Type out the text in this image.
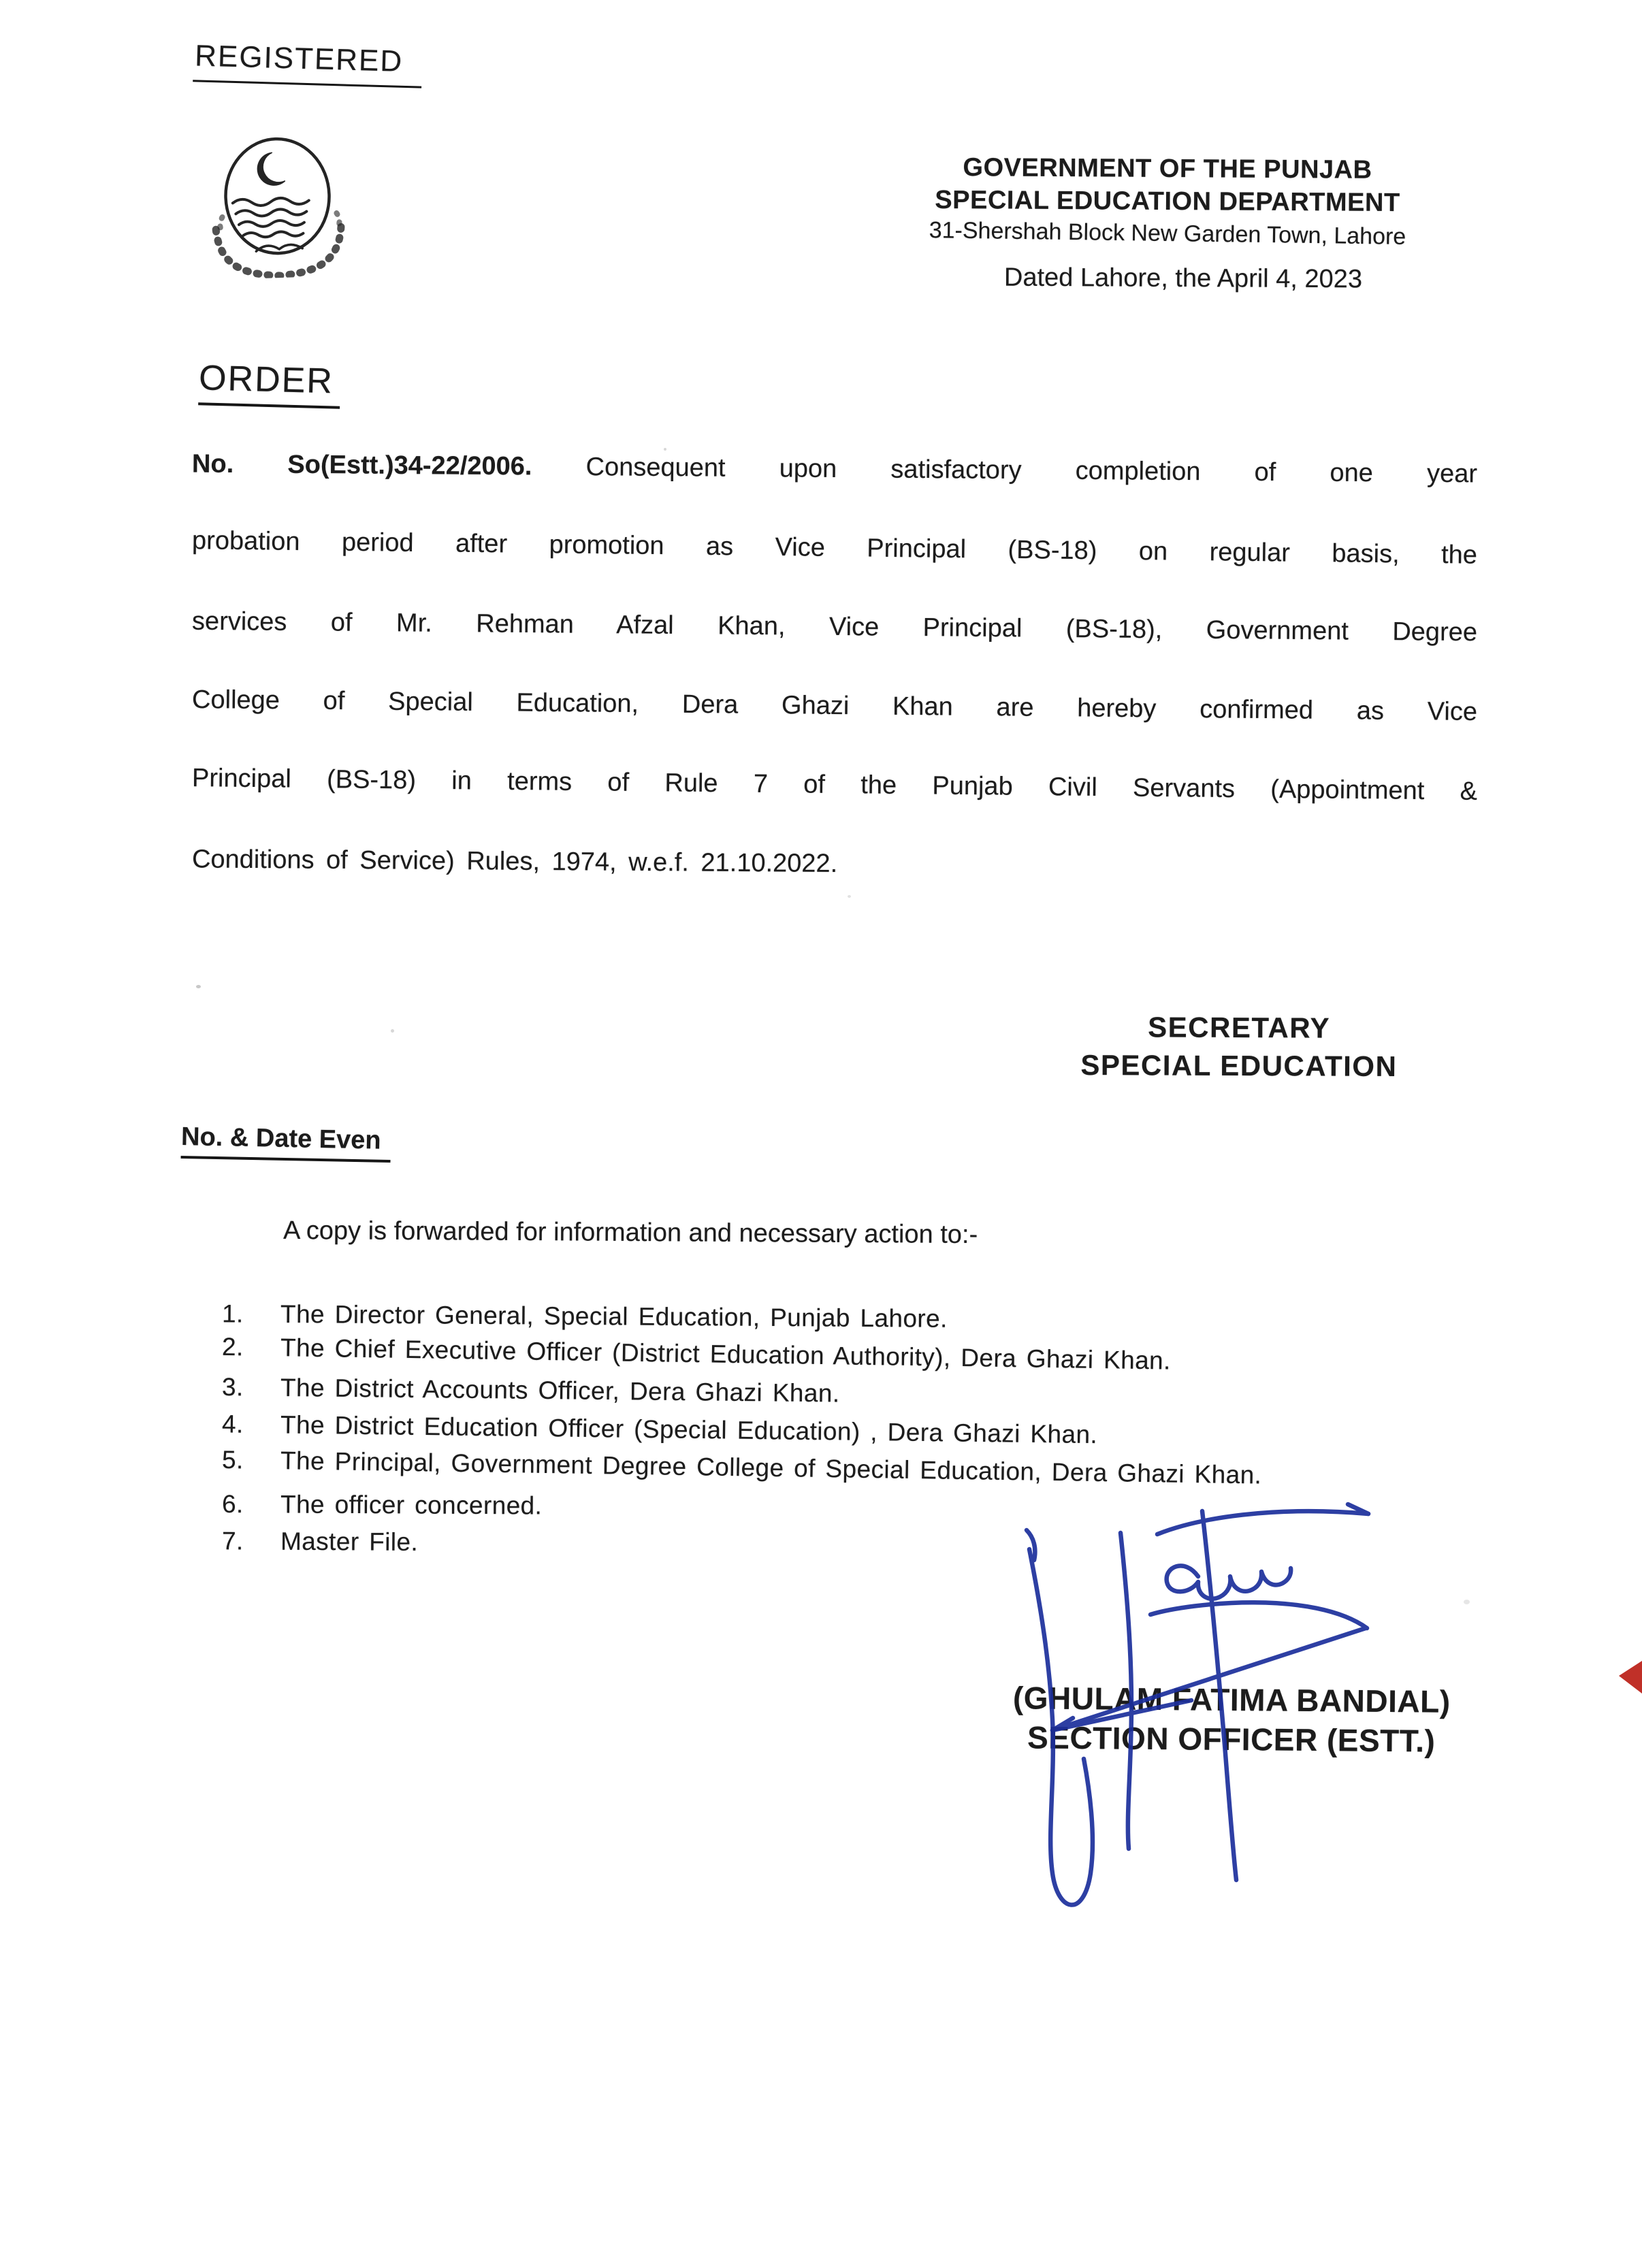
REGISTERED
GOVERNMENT OF THE PUNJAB
SPECIAL EDUCATION DEPARTMENT
31-Shershah Block New Garden Town, Lahore
Dated Lahore, the April 4, 2023
ORDER
No. So(Estt.)34-22/2006. Consequent upon satisfactory completion of one year
probation period after promotion as Vice Principal (BS-18) on regular basis, the
services of Mr. Rehman Afzal Khan, Vice Principal (BS-18), Government Degree
College of Special Education, Dera Ghazi Khan are hereby confirmed as Vice
Principal (BS-18) in terms of Rule 7 of the Punjab Civil Servants (Appointment &
Conditions of Service) Rules, 1974, w.e.f. 21.10.2022.
SECRETARY
SPECIAL EDUCATION
No. & Date Even
A copy is forwarded for information and necessary action to:-
1.	The Director General, Special Education, Punjab Lahore.
2.	The Chief Executive Officer (District Education Authority), Dera Ghazi Khan.
3.	The District Accounts Officer, Dera Ghazi Khan.
4.	The District Education Officer (Special Education) , Dera Ghazi Khan.
5.	The Principal, Government Degree College of Special Education, Dera Ghazi Khan.
6.	The officer concerned.
7.	Master File.
(GHULAM FATIMA BANDIAL)
SECTION OFFICER (ESTT.)
